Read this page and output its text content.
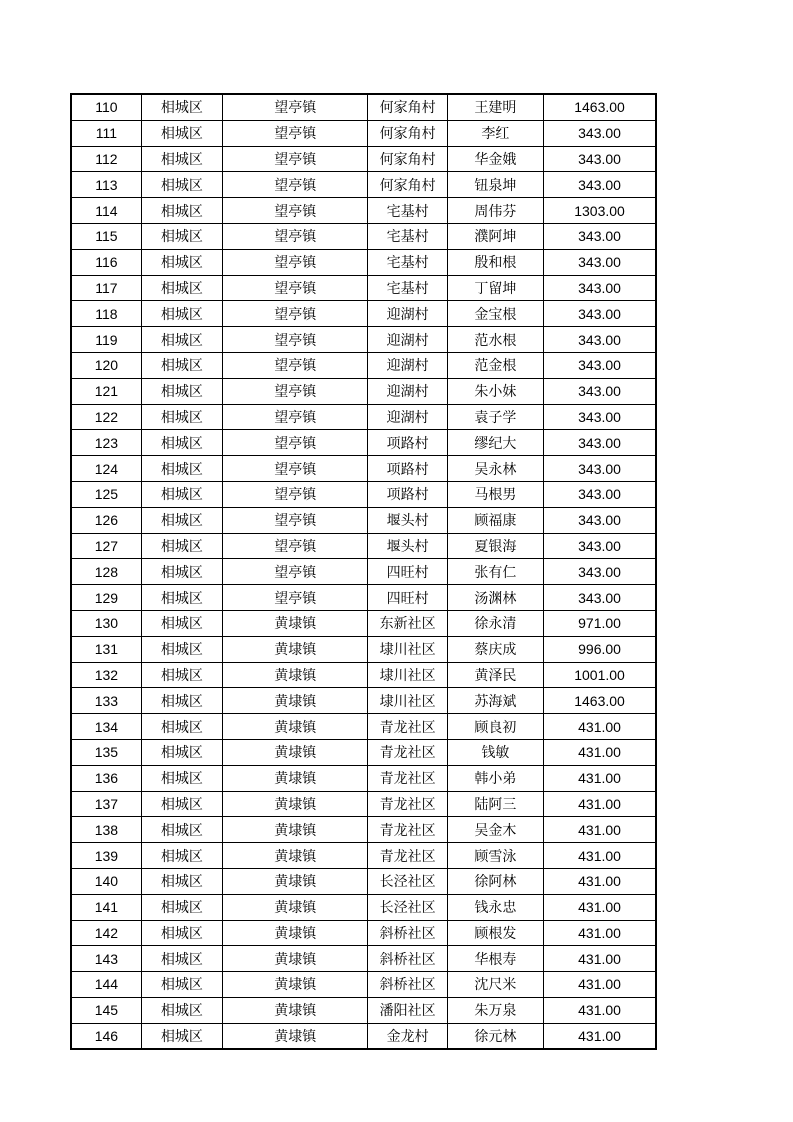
110	相城区	望亭镇	何家角村	王建明	1463.00
111	相城区	望亭镇	何家角村	李红	343.00
112	相城区	望亭镇	何家角村	华金娥	343.00
113	相城区	望亭镇	何家角村	钮泉坤	343.00
114	相城区	望亭镇	宅基村	周伟芬	1303.00
115	相城区	望亭镇	宅基村	濮阿坤	343.00
116	相城区	望亭镇	宅基村	殷和根	343.00
117	相城区	望亭镇	宅基村	丁留坤	343.00
118	相城区	望亭镇	迎湖村	金宝根	343.00
119	相城区	望亭镇	迎湖村	范水根	343.00
120	相城区	望亭镇	迎湖村	范金根	343.00
121	相城区	望亭镇	迎湖村	朱小妹	343.00
122	相城区	望亭镇	迎湖村	袁子学	343.00
123	相城区	望亭镇	项路村	缪纪大	343.00
124	相城区	望亭镇	项路村	吴永林	343.00
125	相城区	望亭镇	项路村	马根男	343.00
126	相城区	望亭镇	堰头村	顾福康	343.00
127	相城区	望亭镇	堰头村	夏银海	343.00
128	相城区	望亭镇	四旺村	张有仁	343.00
129	相城区	望亭镇	四旺村	汤渊林	343.00
130	相城区	黄埭镇	东新社区	徐永清	971.00
131	相城区	黄埭镇	埭川社区	蔡庆成	996.00
132	相城区	黄埭镇	埭川社区	黄泽民	1001.00
133	相城区	黄埭镇	埭川社区	苏海斌	1463.00
134	相城区	黄埭镇	青龙社区	顾良初	431.00
135	相城区	黄埭镇	青龙社区	钱敏	431.00
136	相城区	黄埭镇	青龙社区	韩小弟	431.00
137	相城区	黄埭镇	青龙社区	陆阿三	431.00
138	相城区	黄埭镇	青龙社区	吴金木	431.00
139	相城区	黄埭镇	青龙社区	顾雪泳	431.00
140	相城区	黄埭镇	长泾社区	徐阿林	431.00
141	相城区	黄埭镇	长泾社区	钱永忠	431.00
142	相城区	黄埭镇	斜桥社区	顾根发	431.00
143	相城区	黄埭镇	斜桥社区	华根寿	431.00
144	相城区	黄埭镇	斜桥社区	沈尺米	431.00
145	相城区	黄埭镇	潘阳社区	朱万泉	431.00
146	相城区	黄埭镇	金龙村	徐元林	431.00
